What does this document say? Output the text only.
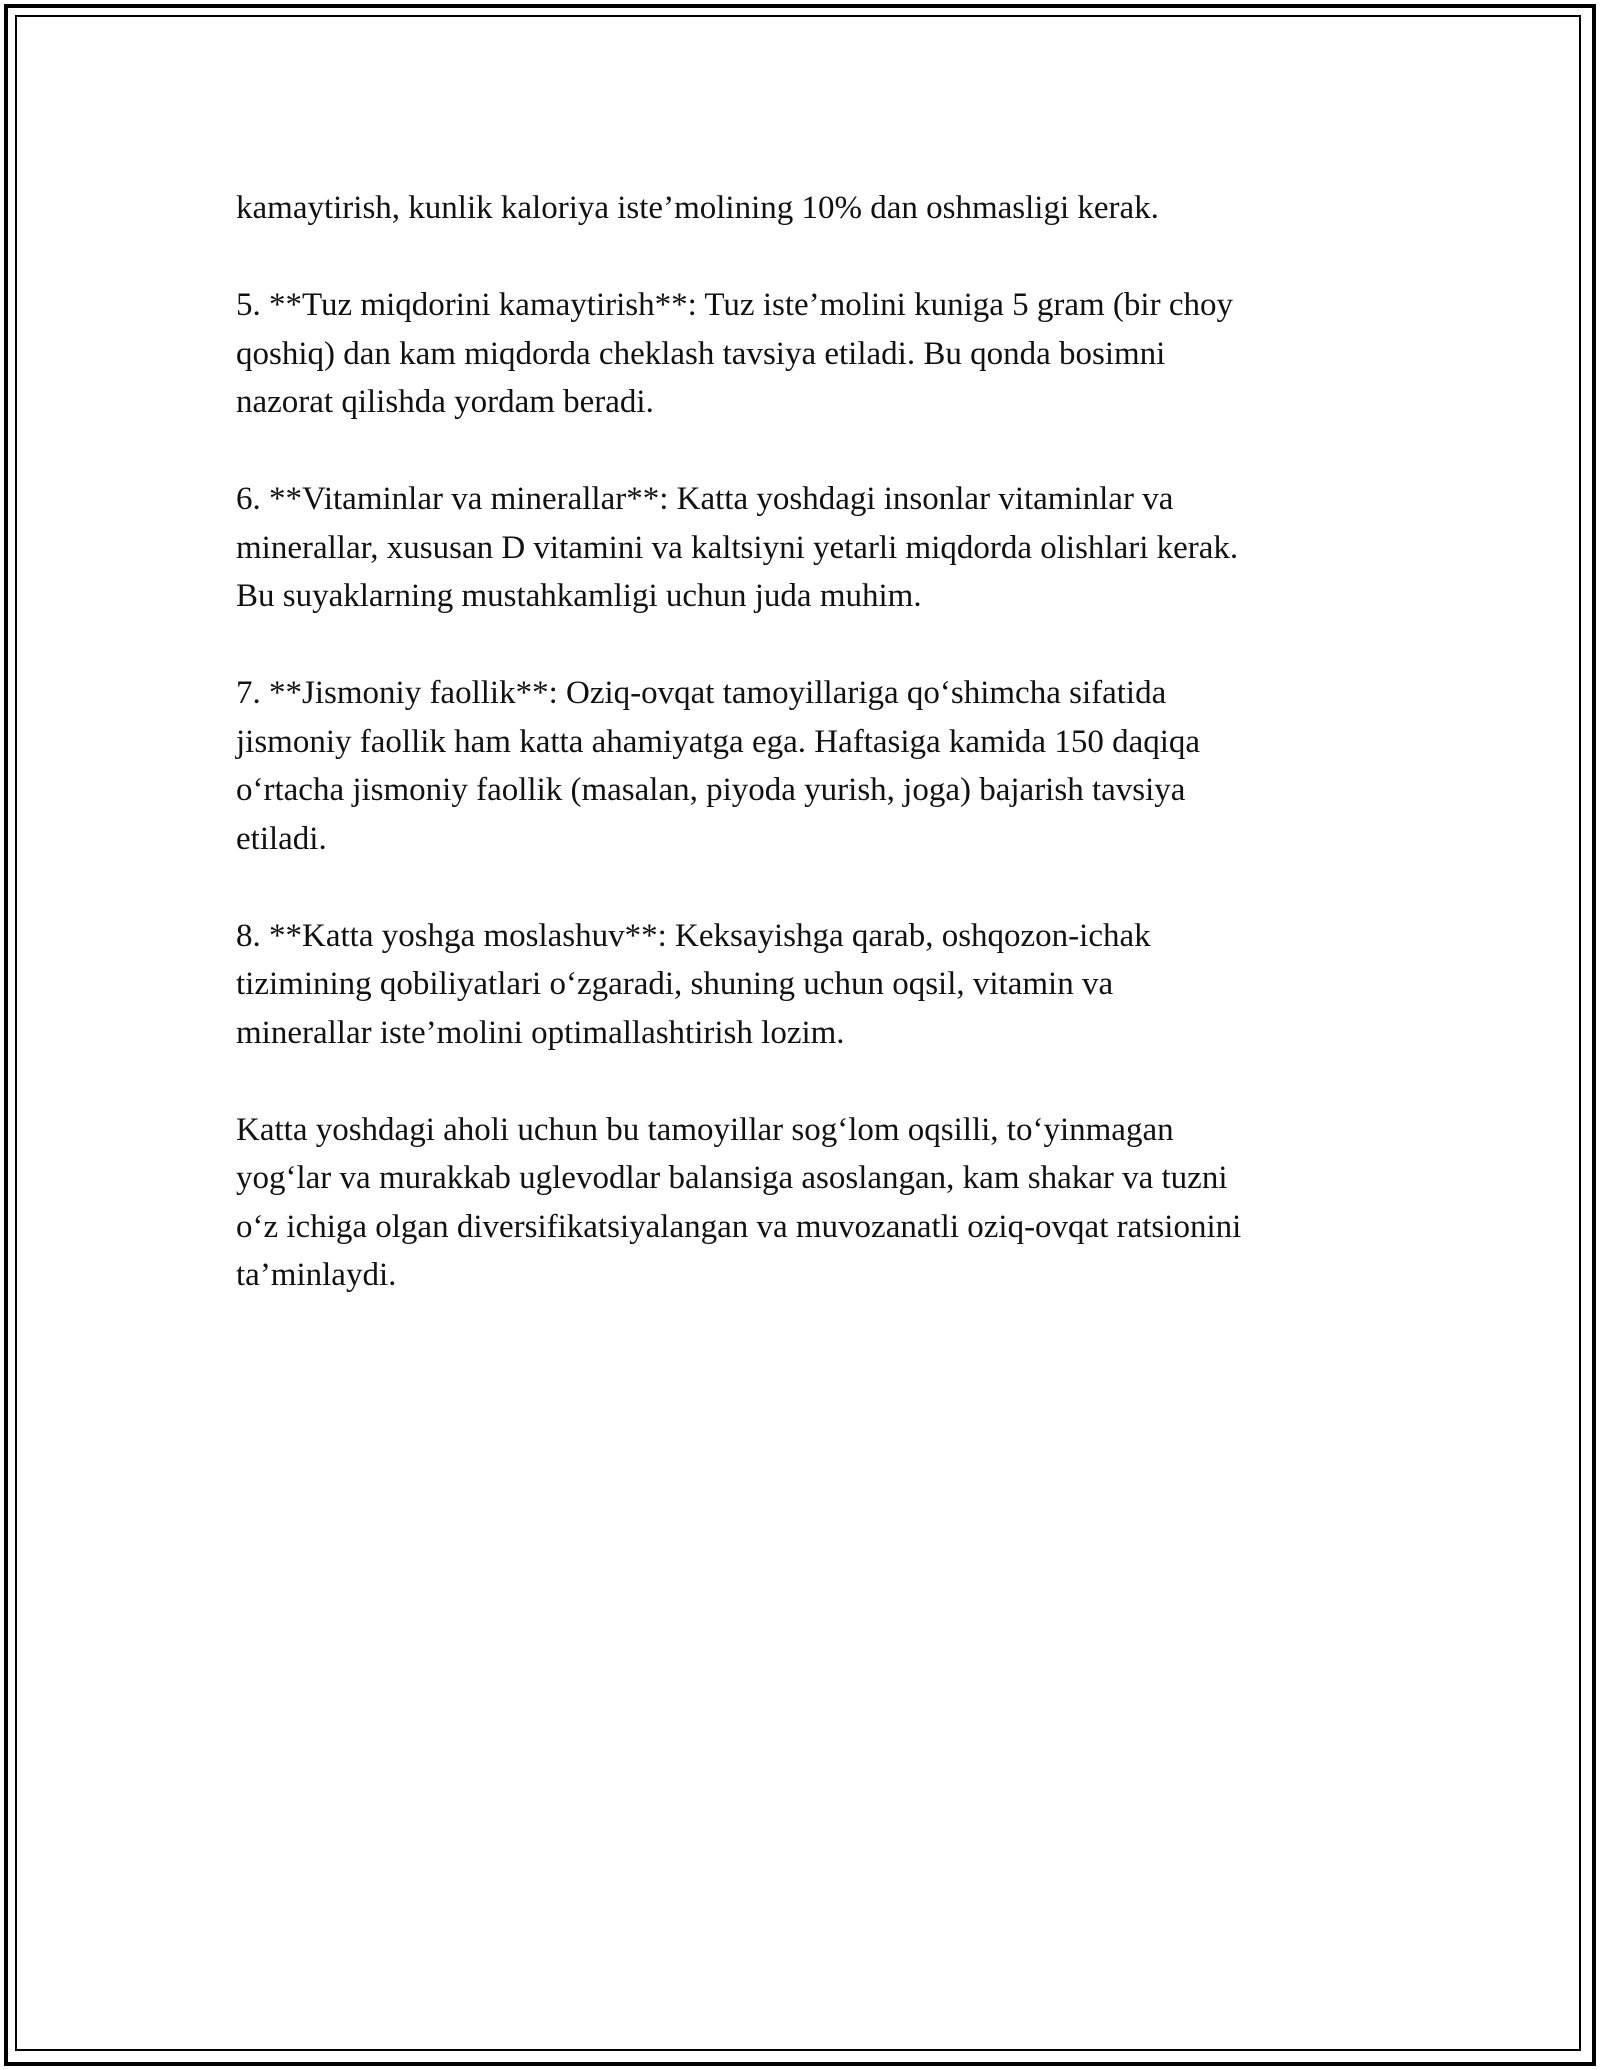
kamaytirish, kunlik kaloriya iste’molining 10% dan oshmasligi kerak.

5. **Tuz miqdorini kamaytirish**: Tuz iste’molini kuniga 5 gram (bir choy
qoshiq) dan kam miqdorda cheklash tavsiya etiladi. Bu qonda bosimni
nazorat qilishda yordam beradi.

6. **Vitaminlar va minerallar**: Katta yoshdagi insonlar vitaminlar va
minerallar, xususan D vitamini va kaltsiyni yetarli miqdorda olishlari kerak.
Bu suyaklarning mustahkamligi uchun juda muhim.

7. **Jismoniy faollik**: Oziq-ovqat tamoyillariga qo‘shimcha sifatida
jismoniy faollik ham katta ahamiyatga ega. Haftasiga kamida 150 daqiqa
o‘rtacha jismoniy faollik (masalan, piyoda yurish, joga) bajarish tavsiya
etiladi.

8. **Katta yoshga moslashuv**: Keksayishga qarab, oshqozon-ichak
tizimining qobiliyatlari o‘zgaradi, shuning uchun oqsil, vitamin va
minerallar iste’molini optimallashtirish lozim.

Katta yoshdagi aholi uchun bu tamoyillar sog‘lom oqsilli, to‘yinmagan
yog‘lar va murakkab uglevodlar balansiga asoslangan, kam shakar va tuzni
o‘z ichiga olgan diversifikatsiyalangan va muvozanatli oziq-ovqat ratsionini
ta’minlaydi.
